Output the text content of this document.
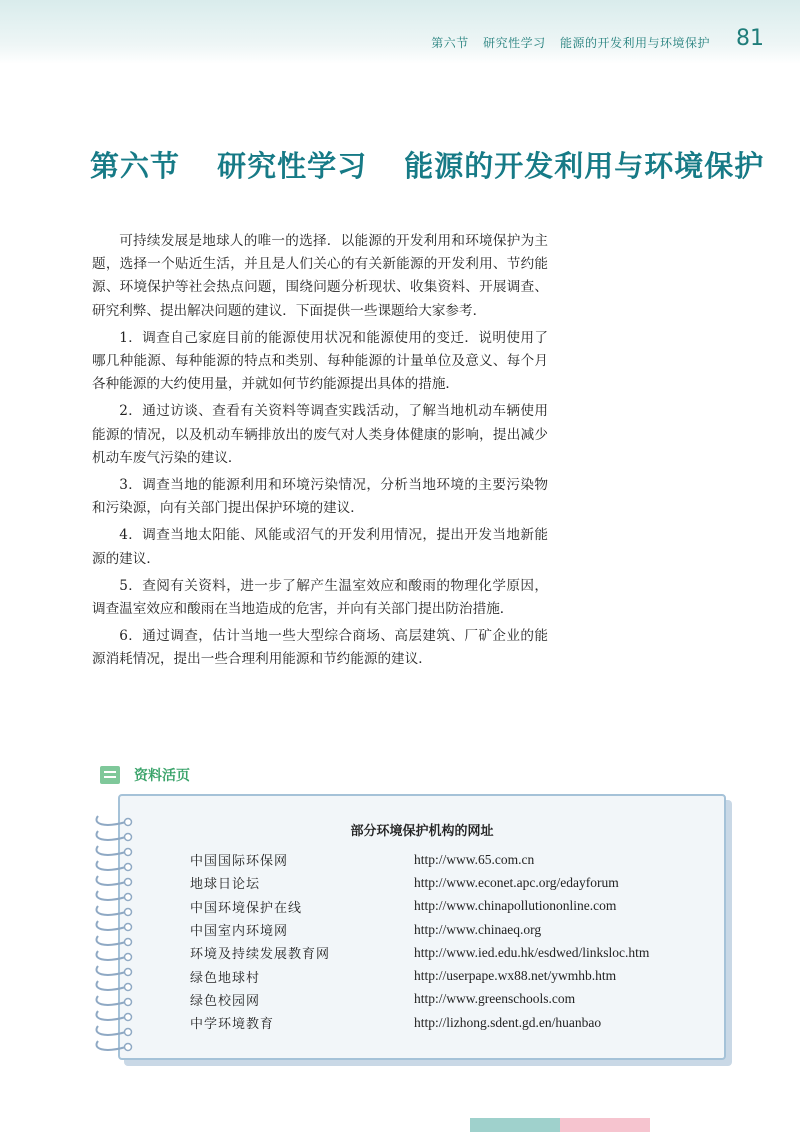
第六节 研究性学习 能源的开发利用与环境保护 81
第六节 研究性学习 能源的开发利用与环境保护

可持续发展是地球人的唯一的选择．以能源的开发利用和环境保护为主题，选择一个贴近生活，并且是人们关心的有关新能源的开发利用、节约能源、环境保护等社会热点问题，围绕问题分析现状、收集资料、开展调查、研究利弊、提出解决问题的建议．下面提供一些课题给大家参考．

1．调查自己家庭目前的能源使用状况和能源使用的变迁．说明使用了哪几种能源、每种能源的特点和类别、每种能源的计量单位及意义、每个月各种能源的大约使用量，并就如何节约能源提出具体的措施．

2．通过访谈、查看有关资料等调查实践活动，了解当地机动车辆使用能源的情况，以及机动车辆排放出的废气对人类身体健康的影响，提出减少机动车废气污染的建议．

3．调查当地的能源利用和环境污染情况，分析当地环境的主要污染物和污染源，向有关部门提出保护环境的建议．

4．调查当地太阳能、风能或沼气的开发利用情况，提出开发当地新能源的建议．

5．查阅有关资料，进一步了解产生温室效应和酸雨的物理化学原因，调查温室效应和酸雨在当地造成的危害，并向有关部门提出防治措施．

6．通过调查，估计当地一些大型综合商场、高层建筑、厂矿企业的能源消耗情况，提出一些合理利用能源和节约能源的建议．

资料活页
部分环境保护机构的网址
中国国际环保网	http://www.65.com.cn
地球日论坛	http://www.econet.apc.org/edayforum
中国环境保护在线	http://www.chinapollutiononline.com
中国室内环境网	http://www.chinaeq.org
环境及持续发展教育网	http://www.ied.edu.hk/esdwed/linksloc.htm
绿色地球村	http://userpape.wx88.net/ywmhb.htm
绿色校园网	http://www.greenschools.com
中学环境教育	http://lizhong.sdent.gd.en/huanbao
